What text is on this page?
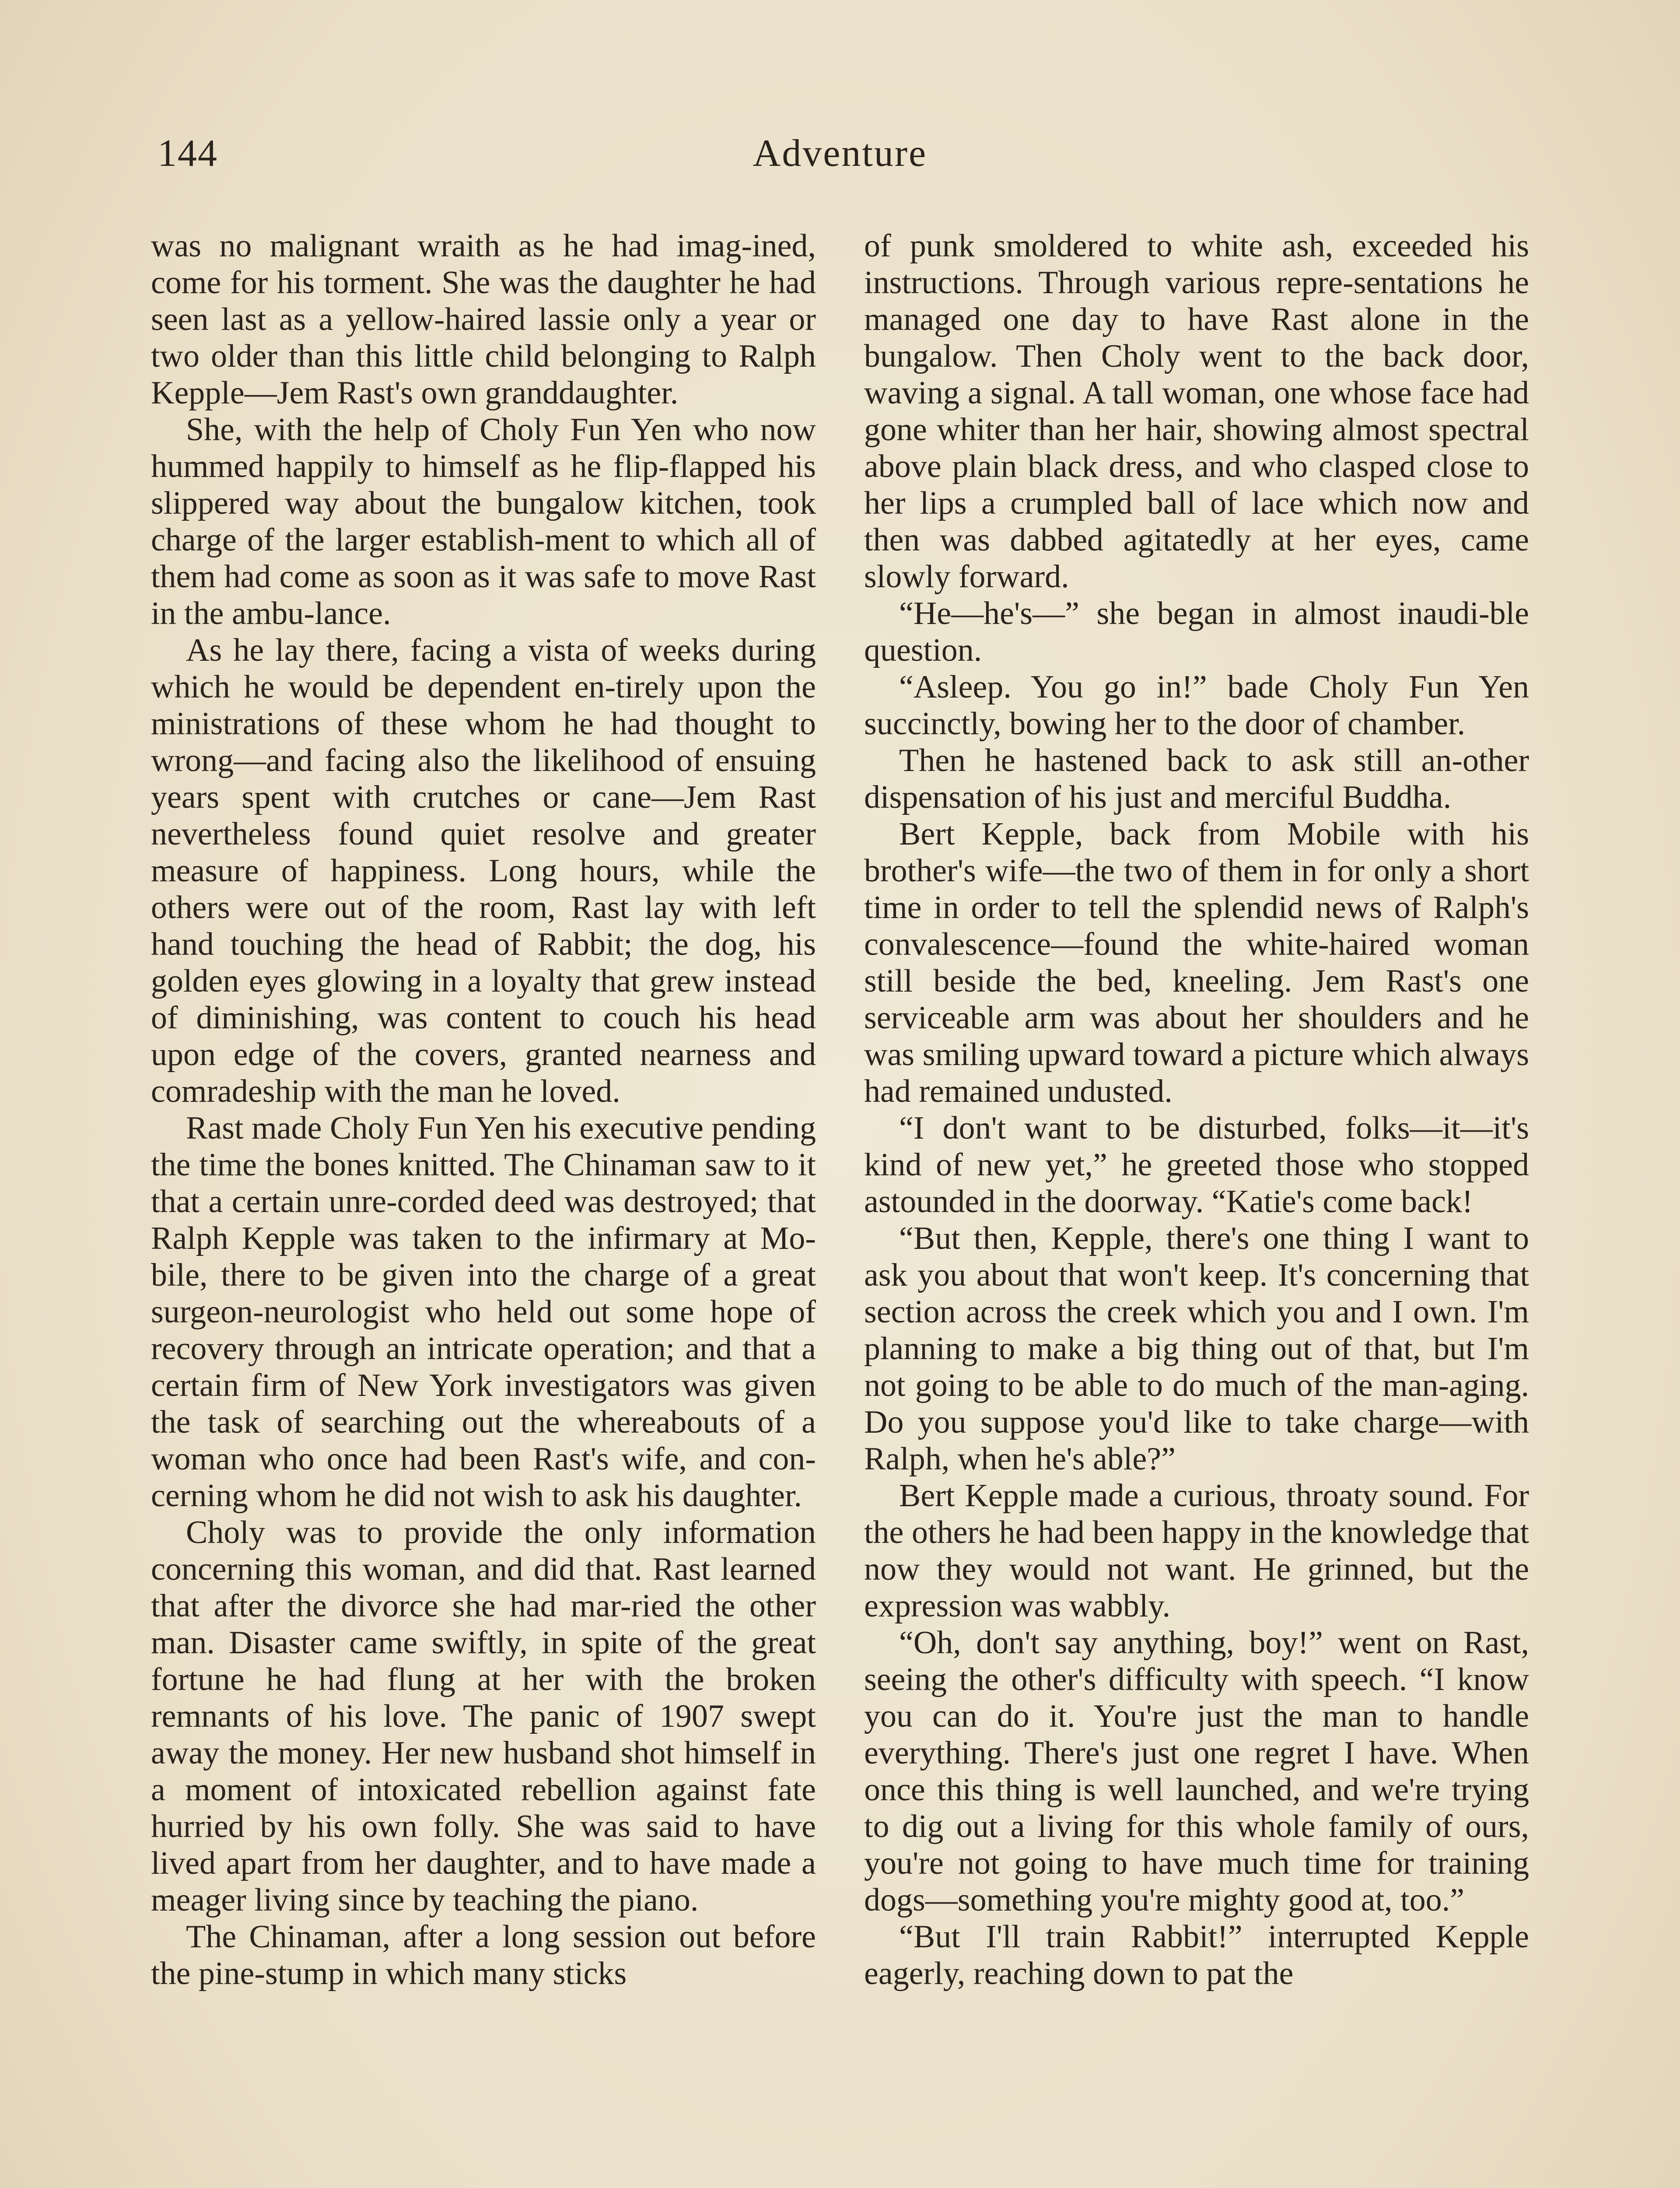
144	Adventure

was no malignant wraith as he had imag-ined, come for his torment. She was the daughter he had seen last as a yellow-haired lassie only a year or two older than this little child belonging to Ralph Kepple—Jem Rast's own granddaughter.

She, with the help of Choly Fun Yen who now hummed happily to himself as he flip-flapped his slippered way about the bungalow kitchen, took charge of the larger establish-ment to which all of them had come as soon as it was safe to move Rast in the ambu-lance.

As he lay there, facing a vista of weeks during which he would be dependent en-tirely upon the ministrations of these whom he had thought to wrong—and facing also the likelihood of ensuing years spent with crutches or cane—Jem Rast nevertheless found quiet resolve and greater measure of happiness. Long hours, while the others were out of the room, Rast lay with left hand touching the head of Rabbit; the dog, his golden eyes glowing in a loyalty that grew instead of diminishing, was content to couch his head upon edge of the covers, granted nearness and comradeship with the man he loved.

Rast made Choly Fun Yen his executive pending the time the bones knitted. The Chinaman saw to it that a certain unre-corded deed was destroyed; that Ralph Kepple was taken to the infirmary at Mo-bile, there to be given into the charge of a great surgeon-neurologist who held out some hope of recovery through an intricate operation; and that a certain firm of New York investigators was given the task of searching out the whereabouts of a woman who once had been Rast's wife, and con-cerning whom he did not wish to ask his daughter.

Choly was to provide the only information concerning this woman, and did that. Rast learned that after the divorce she had mar-ried the other man. Disaster came swiftly, in spite of the great fortune he had flung at her with the broken remnants of his love. The panic of 1907 swept away the money. Her new husband shot himself in a moment of intoxicated rebellion against fate hurried by his own folly. She was said to have lived apart from her daughter, and to have made a meager living since by teaching the piano.

The Chinaman, after a long session out before the pine-stump in which many sticks

of punk smoldered to white ash, exceeded his instructions. Through various repre-sentations he managed one day to have Rast alone in the bungalow. Then Choly went to the back door, waving a signal. A tall woman, one whose face had gone whiter than her hair, showing almost spectral above plain black dress, and who clasped close to her lips a crumpled ball of lace which now and then was dabbed agitatedly at her eyes, came slowly forward.

“He—he's—” she began in almost inaudi-ble question.

“Asleep. You go in!” bade Choly Fun Yen succinctly, bowing her to the door of chamber.

Then he hastened back to ask still an-other dispensation of his just and merciful Buddha.

Bert Kepple, back from Mobile with his brother's wife—the two of them in for only a short time in order to tell the splendid news of Ralph's convalescence—found the white-haired woman still beside the bed, kneeling. Jem Rast's one serviceable arm was about her shoulders and he was smiling upward toward a picture which always had remained undusted.

“I don't want to be disturbed, folks—it—it's kind of new yet,” he greeted those who stopped astounded in the doorway. “Katie's come back!

“But then, Kepple, there's one thing I want to ask you about that won't keep. It's concerning that section across the creek which you and I own. I'm planning to make a big thing out of that, but I'm not going to be able to do much of the man-aging. Do you suppose you'd like to take charge—with Ralph, when he's able?”

Bert Kepple made a curious, throaty sound. For the others he had been happy in the knowledge that now they would not want. He grinned, but the expression was wabbly.

“Oh, don't say anything, boy!” went on Rast, seeing the other's difficulty with speech. “I know you can do it. You're just the man to handle everything. There's just one regret I have. When once this thing is well launched, and we're trying to dig out a living for this whole family of ours, you're not going to have much time for training dogs—something you're mighty good at, too.”

“But I'll train Rabbit!” interrupted Kepple eagerly, reaching down to pat the
